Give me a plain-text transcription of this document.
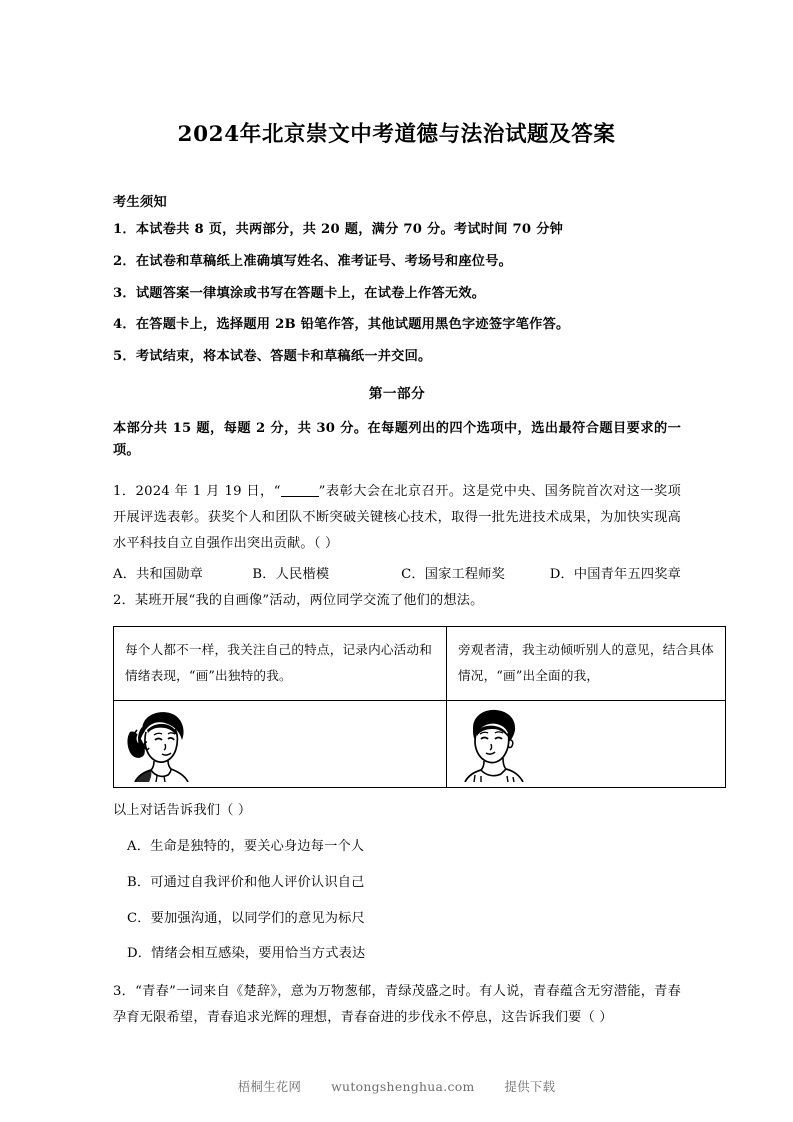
2024年北京崇文中考道德与法治试题及答案
考生须知
1．本试卷共 8 页，共两部分，共 20 题，满分 70 分。考试时间 70 分钟
2．在试卷和草稿纸上准确填写姓名、准考证号、考场号和座位号。
3．试题答案一律填涂或书写在答题卡上，在试卷上作答无效。
4．在答题卡上，选择题用 2B 铅笔作答，其他试题用黑色字迹签字笔作答。
5．考试结束，将本试卷、答题卡和草稿纸一并交回。
第一部分
本部分共 15 题，每题 2 分，共 30 分。在每题列出的四个选项中，选出最符合题目要求的一项。
1．2024 年 1 月 19 日，“	”表彰大会在北京召开。这是党中央、国务院首次对这一奖项开展评选表彰。获奖个人和团队不断突破关键核心技术，取得一批先进技术成果，为加快实现高水平科技自立自强作出突出贡献。（ ）
A．共和国勋章	B．人民楷模	C．国家工程师奖	D．中国青年五四奖章
2．某班开展“我的自画像”活动，两位同学交流了他们的想法。
每个人都不一样，我关注自己的特点，记录内心活动和情绪表现，“画”出独特的我。	旁观者清，我主动倾听别人的意见，结合具体情况，“画”出全面的我，

以上对话告诉我们（ ）
A．生命是独特的，要关心身边每一个人
B．可通过自我评价和他人评价认识自己
C．要加强沟通，以同学们的意见为标尺
D．情绪会相互感染，要用恰当方式表达
3．“青春”一词来自《楚辞》，意为万物葱郁，青绿茂盛之时。有人说，青春蕴含无穷潜能，青春孕育无限希望，青春追求光辉的理想，青春奋进的步伐永不停息，这告诉我们要（ ）
梧桐生花网 wutongshenghua.com 提供下载
